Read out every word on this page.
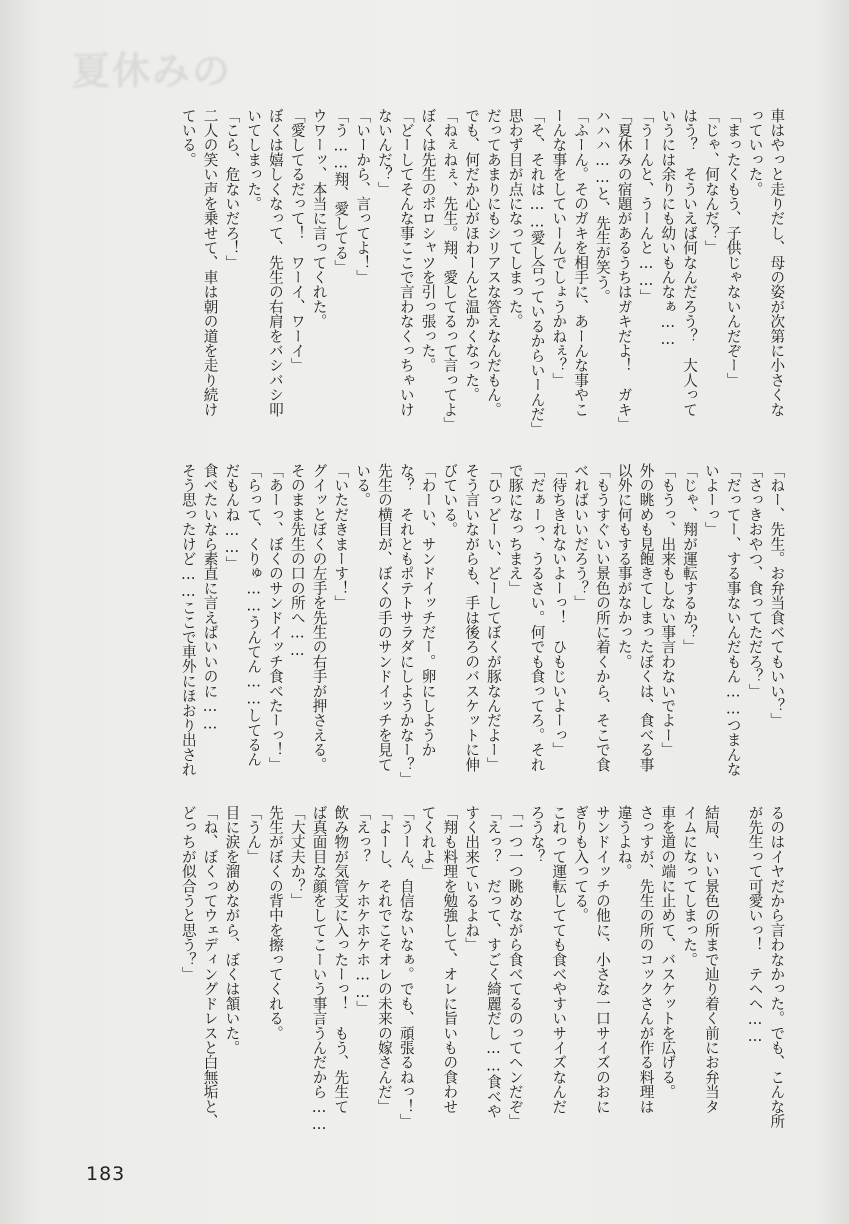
夏休みの
車はやっと走りだし、母の姿が次第に小さくな
っていった。
「まったくもう、子供じゃないんだぞー」
「じゃ、何なんだ？」
はう？　そういえば何なんだろう？　大人って
いうには余りにも幼いもんなぁ……
「うーんと、うーんと……」
「夏休みの宿題があるうちはガキだよ！　ガキ」
ハハハ……と、先生が笑う。
「ふーん。そのガキを相手に、あーんな事やこ
ーんな事をしていーんでしょうかねぇ？」
「そ、それは……愛し合っているからいーんだ」
思わず目が点になってしまった。
だってあまりにもシリアスな答えなんだもん。
でも、何だか心がほわーんと温かくなった。
「ねぇねぇ、先生。翔、愛してるって言ってよ」
ぼくは先生のポロシャツを引っ張った。
「どーしてそんな事ここで言わなくっちゃいけ
ないんだ？」
「いーから、言ってよ！」
「う……翔、愛してる」
ウワーッ、本当に言ってくれた。
「愛してるだって！　ワーイ、ワーイ」
ぼくは嬉しくなって、先生の右肩をバシバシ叩
いてしまった。
「こら、危ないだろ！」
二人の笑い声を乗せて、車は朝の道を走り続け
ている。
「ねー、先生。お弁当食べてもいい？」
「さっきおやつ、食ってただろ？」
「だってー、する事ないんだもん……つまんな
いよーっ」
「じゃ、翔が運転するか？」
「もうっ、出来もしない事言わないでよー」
外の眺めも見飽きてしまったぼくは、食べる事
以外に何もする事がなかった。
「もうすぐいい景色の所に着くから、そこで食
べればいいだろう？」
「待ちきれないよーっ！　ひもじいよーっ」
「だぁーっ、うるさい。何でも食ってろ。それ
で豚になっちまえ」
「ひっどーい、どーしてぼくが豚なんだよー」
そう言いながらも、手は後ろのバスケットに伸
びている。
「わーい、サンドイッチだー。卵にしようか
な？　それともポテトサラダにしようかなー？」
先生の横目が、ぼくの手のサンドイッチを見て
いる。
「いただきまーす！」
グイッとぼくの左手を先生の右手が押さえる。
そのまま先生の口の所へ……
「あーっ、ぼくのサンドイッチ食べたーっ！」
「らって、くりゅ……うんてん……してるん
だもんね……」
食べたいなら素直に言えばいいのに……
そう思ったけど……ここで車外にほおり出され
るのはイヤだから言わなかった。でも、こんな所
が先生って可愛いっ！　テヘヘ……
結局、いい景色の所まで辿り着く前にお弁当タ
イムになってしまった。
車を道の端に止めて、バスケットを広げる。
さっすが、先生の所のコックさんが作る料理は
違うよね。
サンドイッチの他に、小さな一口サイズのおに
ぎりも入ってる。
これって運転してても食べやすいサイズなんだ
ろうな？
「一つ一つ眺めながら食べてるのってヘンだぞ」
「えっ？　だって、すごく綺麗だし……食べや
すく出来ているよね」
「翔も料理を勉強して、オレに旨いもの食わせ
てくれよ」
「うーん、自信ないなぁ。でも、頑張るねっ！」
「よーし、それでこそオレの未来の嫁さんだ」
「えっ？　ケホケホケホ……」
飲み物が気管支に入ったーっ！　もう、先生て
ば真面目な顔をしてこーいう事言うんだから……
「大丈夫か？」
先生がぼくの背中を擦ってくれる。
「うん」
目に涙を溜めながら、ぼくは頷いた。
「ね、ぼくってウェディングドレスと白無垢と、
どっちが似合うと思う？」
183
